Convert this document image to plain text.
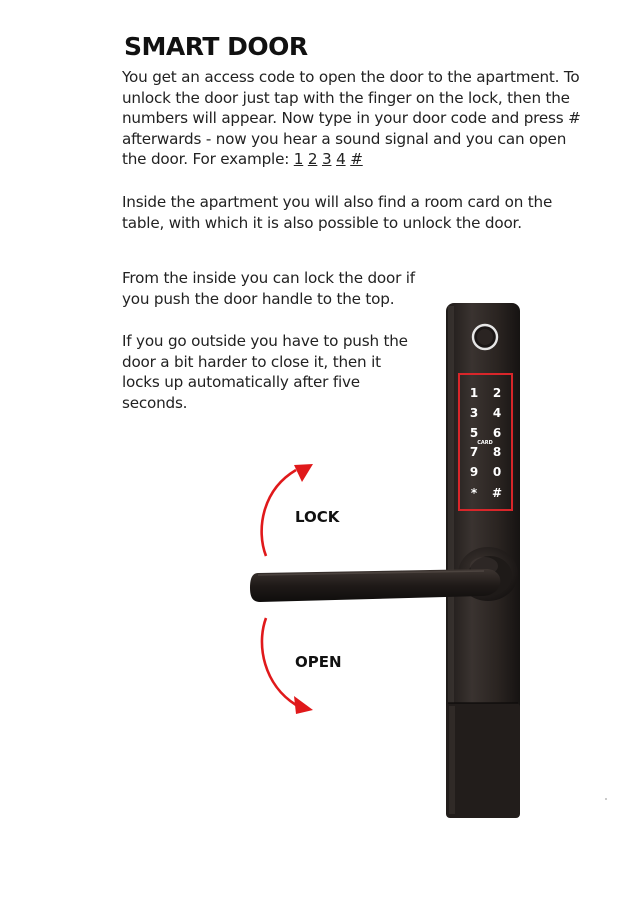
SMART DOOR
You get an access code to open the door to the apartment. To unlock the door just tap with the finger on the lock, then the numbers will appear. Now type in your door code and press # afterwards - now you hear a sound signal and you can open the door. For example: 1 2 3 4 #
Inside the apartment you will also find a room card on the table, with which it is also possible to unlock the door.
From the inside you can lock the door if you push the door handle to the top.
If you go outside you have to push the door a bit harder to close it, then it locks up automatically after five seconds.
LOCK
OPEN
1 2
3 4
5 6
CARD
7 8
9 0
* #
